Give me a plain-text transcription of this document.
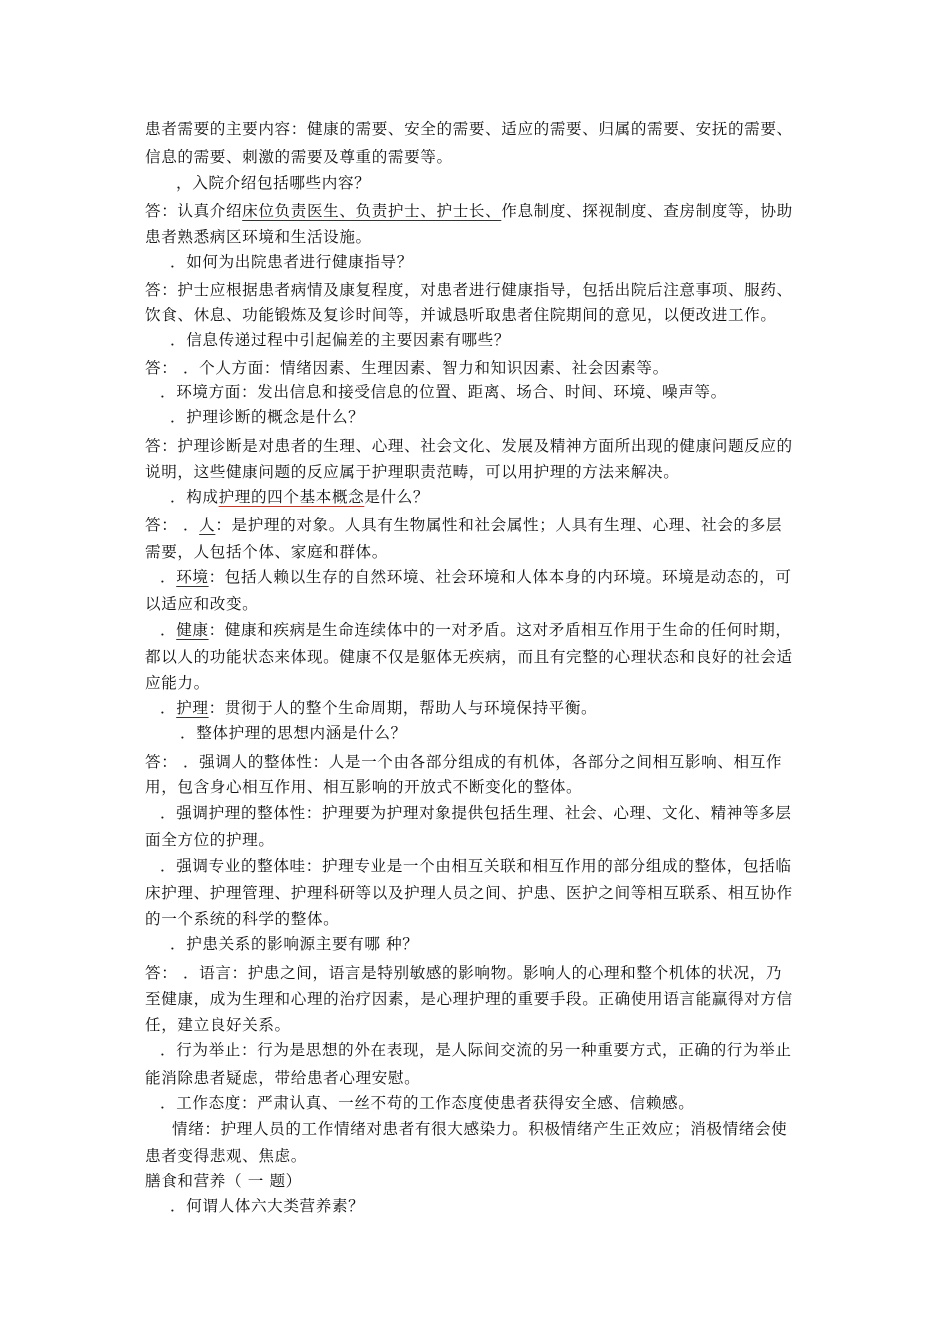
患者需要的主要内容：健康的需要、安全的需要、适应的需要、归属的需要、安抚的需要、
信息的需要、刺激的需要及尊重的需要等。
，入院介绍包括哪些内容？
答：认真介绍床位负责医生、负责护士、护士长、作息制度、探视制度、查房制度等，协助
患者熟悉病区环境和生活设施。
．如何为出院患者进行健康指导？
答：护士应根据患者病情及康复程度，对患者进行健康指导，包括出院后注意事项、服药、
饮食、休息、功能锻炼及复诊时间等，并诚恳听取患者住院期间的意见，以便改进工作。
．信息传递过程中引起偏差的主要因素有哪些？
答： ．个人方面：情绪因素、生理因素、智力和知识因素、社会因素等。
．环境方面：发出信息和接受信息的位置、距离、场合、时间、环境、噪声等。
．护理诊断的概念是什么？
答：护理诊断是对患者的生理、心理、社会文化、发展及精神方面所出现的健康问题反应的
说明，这些健康问题的反应属于护理职责范畴，可以用护理的方法来解决。
．构成护理的四个基本概念是什么？
答： ．人：是护理的对象。人具有生物属性和社会属性；人具有生理、心理、社会的多层
需要，人包括个体、家庭和群体。
．环境：包括人赖以生存的自然环境、社会环境和人体本身的内环境。环境是动态的，可
以适应和改变。
．健康：健康和疾病是生命连续体中的一对矛盾。这对矛盾相互作用于生命的任何时期，
都以人的功能状态来体现。健康不仅是躯体无疾病，而且有完整的心理状态和良好的社会适
应能力。
．护理：贯彻于人的整个生命周期，帮助人与环境保持平衡。
．整体护理的思想内涵是什么？
答： ．强调人的整体性：人是一个由各部分组成的有机体，各部分之间相互影响、相互作
用，包含身心相互作用、相互影响的开放式不断变化的整体。
．强调护理的整体性：护理要为护理对象提供包括生理、社会、心理、文化、精神等多层
面全方位的护理。
．强调专业的整体哇：护理专业是一个由相互关联和相互作用的部分组成的整体，包括临
床护理、护理管理、护理科研等以及护理人员之间、护患、医护之间等相互联系、相互协作
的一个系统的科学的整体。
．护患关系的影响源主要有哪 种？
答： ．语言：护患之间，语言是特别敏感的影响物。影响人的心理和整个机体的状况，乃
至健康，成为生理和心理的治疗因素，是心理护理的重要手段。正确使用语言能赢得对方信
任，建立良好关系。
．行为举止：行为是思想的外在表现，是人际间交流的另一种重要方式，正确的行为举止
能消除患者疑虑，带给患者心理安慰。
．工作态度：严肃认真、一丝不苟的工作态度使患者获得安全感、信赖感。
情绪：护理人员的工作情绪对患者有很大感染力。积极情绪产生正效应；消极情绪会使
患者变得悲观、焦虑。
膳食和营养（ 一 题）
．何谓人体六大类营养素？
